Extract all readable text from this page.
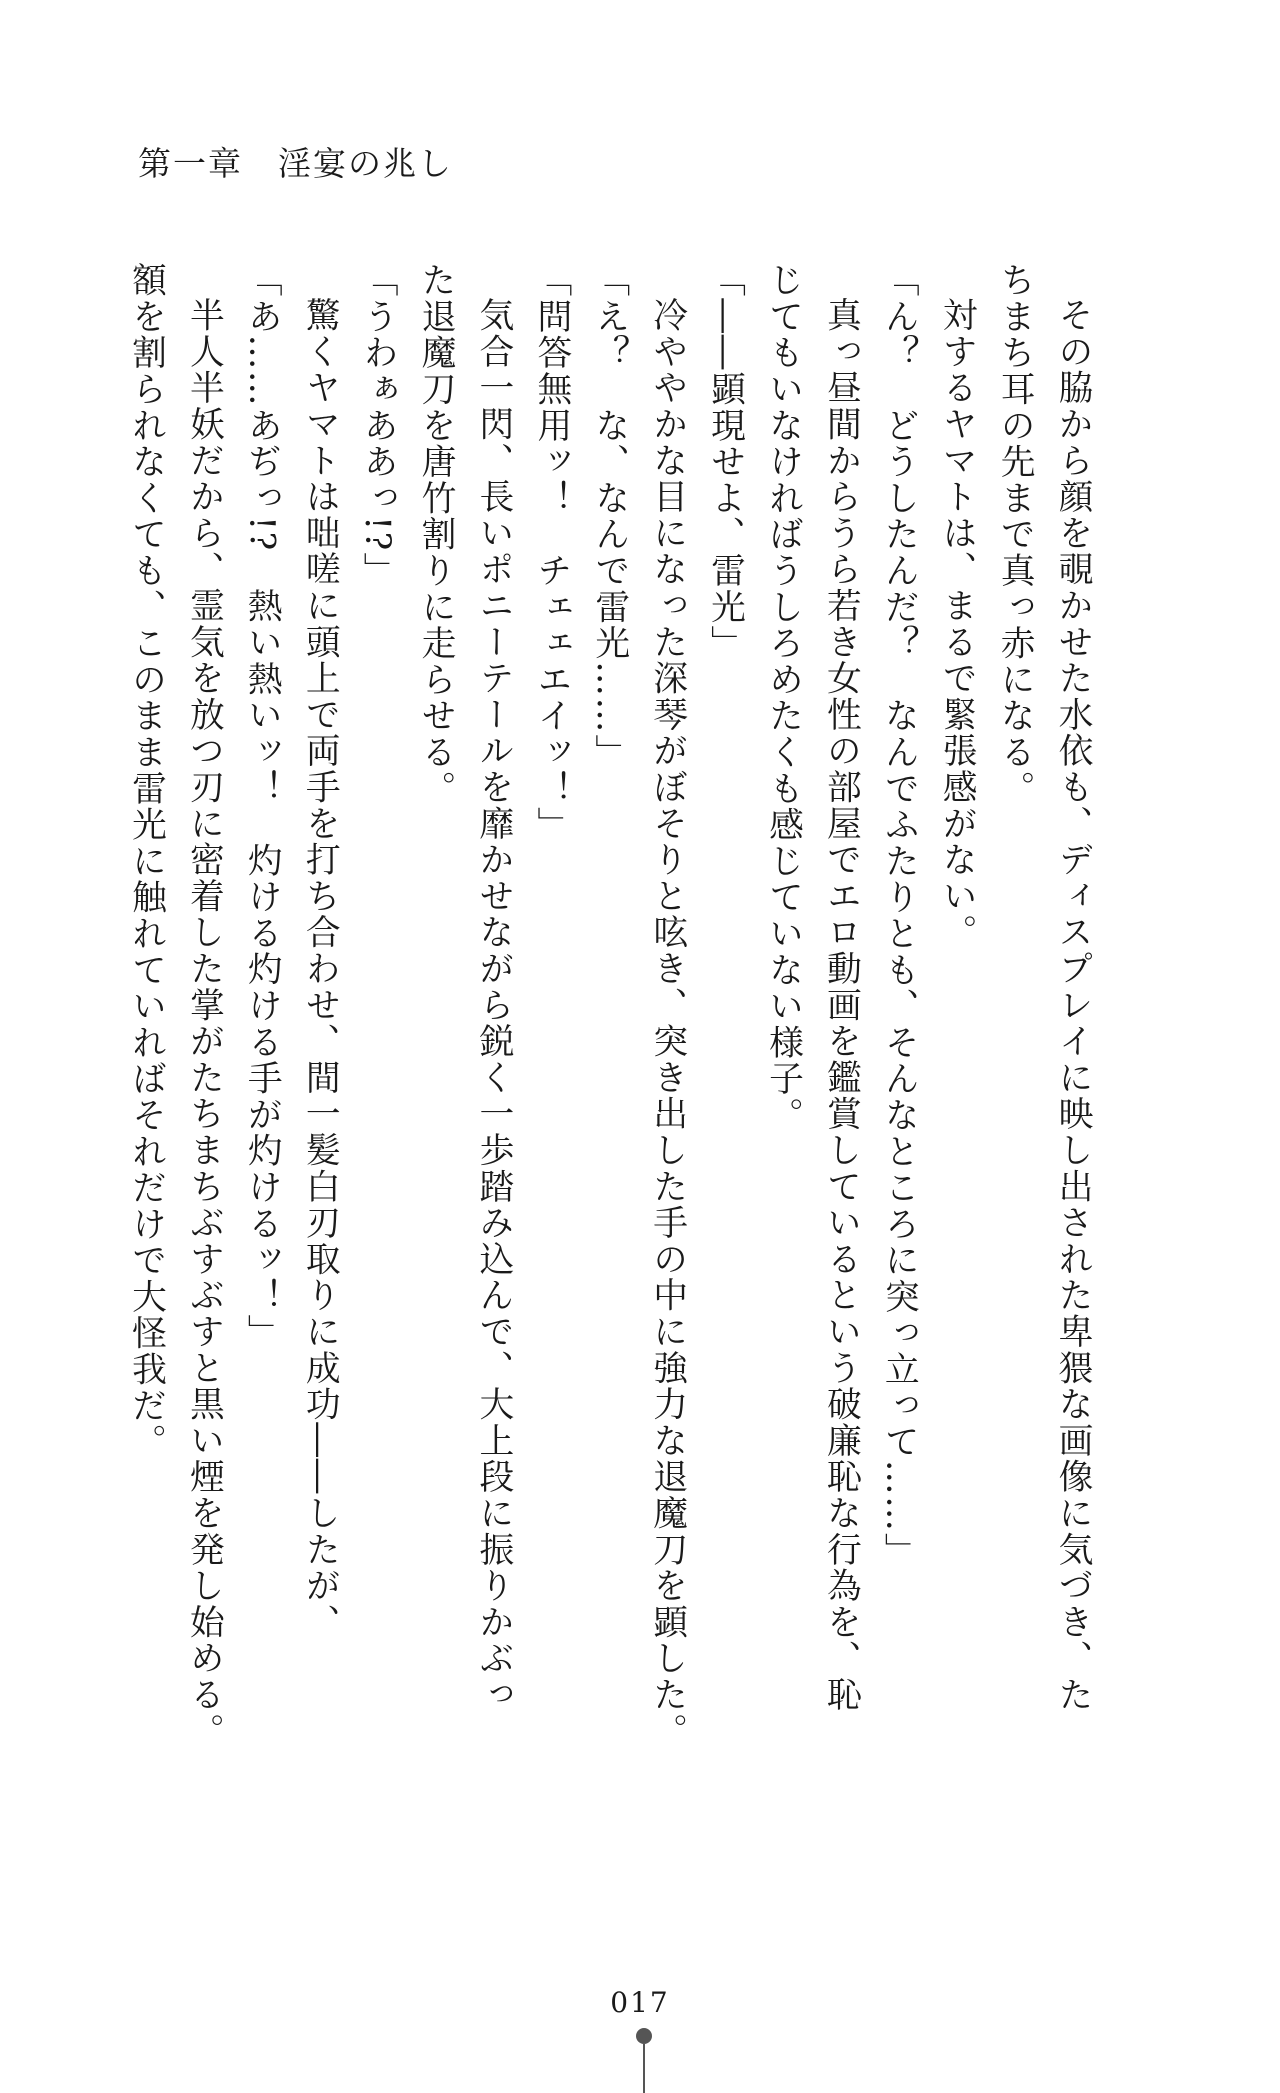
第一章　淫宴の兆し

その脇から顔を覗かせた水依も、ディスプレイに映し出された卑猥な画像に気づき、た

ちまち耳の先まで真っ赤になる。

対するヤマトは、まるで緊張感がない。

「ん？　どうしたんだ？　なんでふたりとも、そんなところに突っ立って……」

真っ昼間からうら若き女性の部屋でエロ動画を鑑賞しているという破廉恥な行為を、恥

じてもいなければうしろめたくも感じていない様子。

「――顕現せよ、雷光」

冷ややかな目になった深琴がぼそりと呟き、突き出した手の中に強力な退魔刀を顕した。

「え？　な、なんで雷光……」

「問答無用ッ！　チェェエイッ！」

気合一閃、長いポニーテールを靡かせながら鋭く一歩踏み込んで、大上段に振りかぶっ

た退魔刀を唐竹割りに走らせる。

「うわぁああっ!?」

驚くヤマトは咄嗟に頭上で両手を打ち合わせ、間一髪白刃取りに成功――したが、

「あ……あぢっ!?　熱い熱いッ！　灼ける灼ける手が灼けるッ！」

半人半妖だから、霊気を放つ刃に密着した掌がたちまちぶすぶすと黒い煙を発し始める。

額を割られなくても、このまま雷光に触れていればそれだけで大怪我だ。

017
